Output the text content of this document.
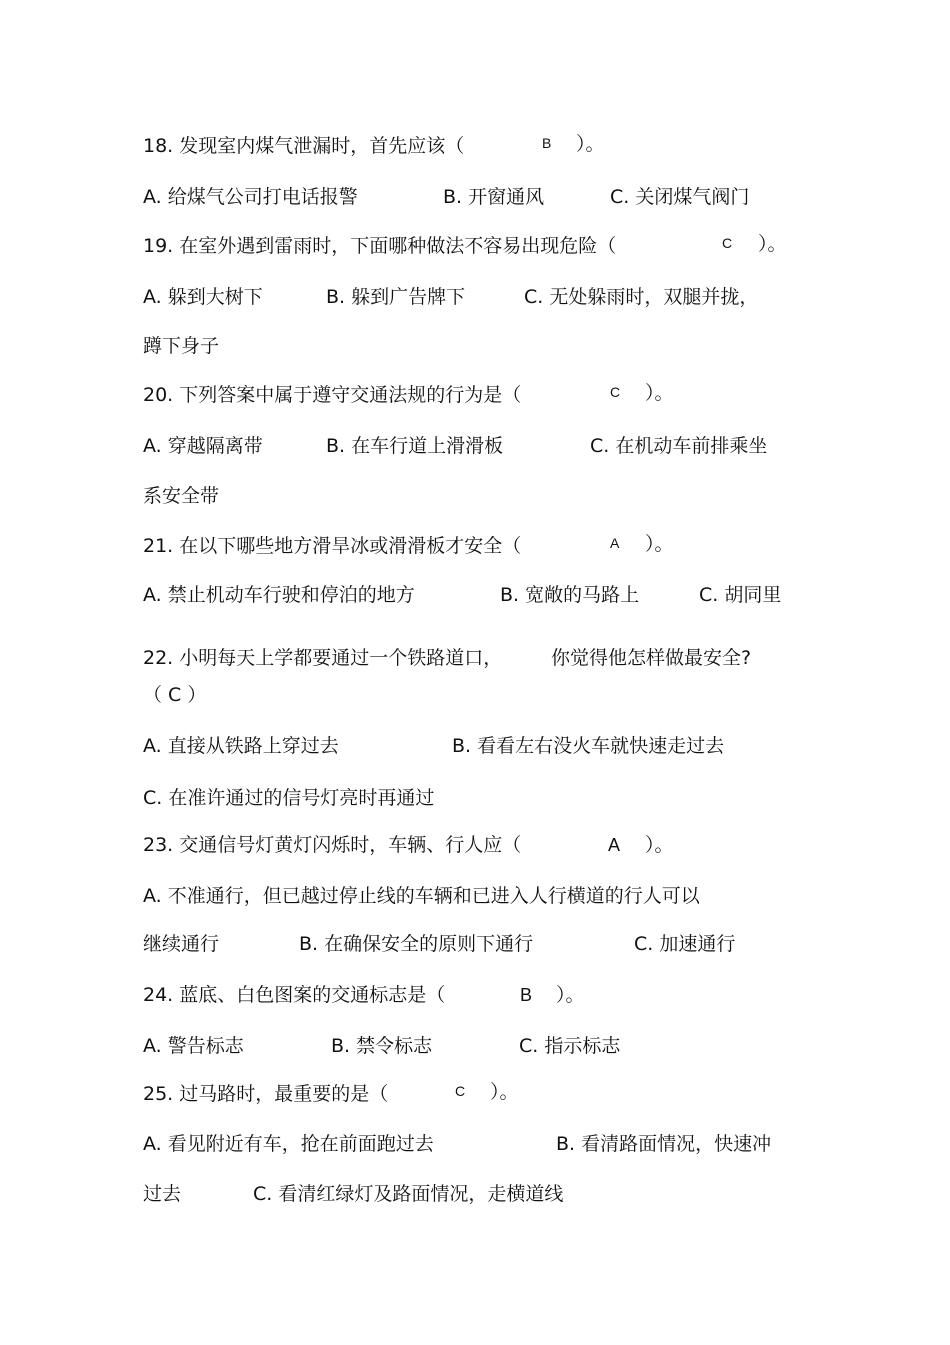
18. 发现室内煤气泄漏时，首先应该（	B ）。
A. 给煤气公司打电话报警	B. 开窗通风	C. 关闭煤气阀门
19. 在室外遇到雷雨时，下面哪种做法不容易出现危险（	C ）。
A. 躲到大树下	B. 躲到广告牌下	C. 无处躲雨时，双腿并拢，
蹲下身子
20. 下列答案中属于遵守交通法规的行为是（	C ）。
A. 穿越隔离带	B. 在车行道上滑滑板	C. 在机动车前排乘坐
系安全带
21. 在以下哪些地方滑旱冰或滑滑板才安全（	A ）。
A. 禁止机动车行驶和停泊的地方	B. 宽敞的马路上	C. 胡同里
22. 小明每天上学都要通过一个铁路道口，	你觉得他怎样做最安全?
（ C ）
A. 直接从铁路上穿过去	B. 看看左右没火车就快速走过去
C. 在准许通过的信号灯亮时再通过
23. 交通信号灯黄灯闪烁时，车辆、行人应（	A ）。
A. 不准通行，但已越过停止线的车辆和已进入人行横道的行人可以
继续通行	B. 在确保安全的原则下通行	C. 加速通行
24. 蓝底、白色图案的交通标志是（	B ）。
A. 警告标志	B. 禁令标志	C. 指示标志
25. 过马路时，最重要的是（	C ）。
A. 看见附近有车，抢在前面跑过去	B. 看清路面情况，快速冲
过去	C. 看清红绿灯及路面情况，走横道线
